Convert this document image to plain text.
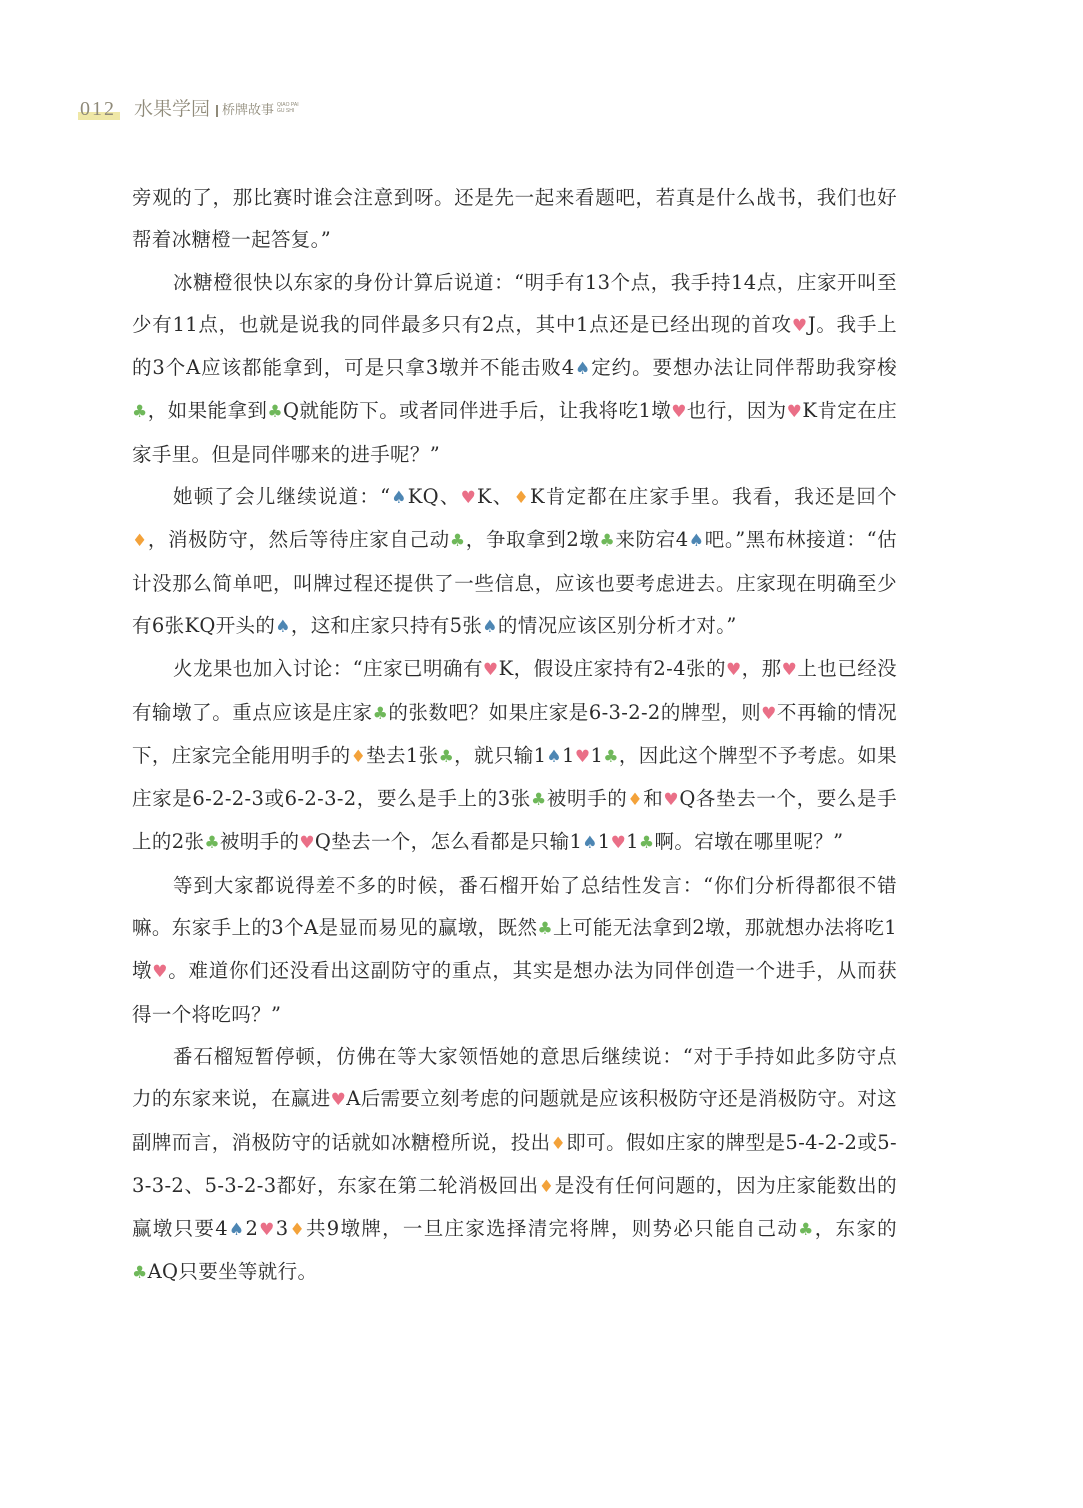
012 水果学园 桥牌故事 QIAO PAI GU SHI

旁观的了，那比赛时谁会注意到呀。还是先一起来看题吧，若真是什么战书，我们也好帮着冰糖橙一起答复。”

冰糖橙很快以东家的身份计算后说道：“明手有13个点，我手持14点，庄家开叫至少有11点，也就是说我的同伴最多只有2点，其中1点还是已经出现的首攻♥J。我手上的3个A应该都能拿到，可是只拿3墩并不能击败4♠定约。要想办法让同伴帮助我穿梭♣，如果能拿到♣Q就能防下。或者同伴进手后，让我将吃1墩♥也行，因为♥K肯定在庄家手里。但是同伴哪来的进手呢？”

她顿了会儿继续说道：“♠KQ、♥K、♦K肯定都在庄家手里。我看，我还是回个♦，消极防守，然后等待庄家自己动♣，争取拿到2墩♣来防宕4♠吧。”黑布林接道：“估计没那么简单吧，叫牌过程还提供了一些信息，应该也要考虑进去。庄家现在明确至少有6张KQ开头的♠，这和庄家只持有5张♠的情况应该区别分析才对。”

火龙果也加入讨论：“庄家已明确有♥K，假设庄家持有2-4张的♥，那♥上也已经没有输墩了。重点应该是庄家♣的张数吧？如果庄家是6-3-2-2的牌型，则♥不再输的情况下，庄家完全能用明手的♦垫去1张♣，就只输1♠1♥1♣，因此这个牌型不予考虑。如果庄家是6-2-2-3或6-2-3-2，要么是手上的3张♣被明手的♦和♥Q各垫去一个，要么是手上的2张♣被明手的♥Q垫去一个，怎么看都是只输1♠1♥1♣啊。宕墩在哪里呢？”

等到大家都说得差不多的时候，番石榴开始了总结性发言：“你们分析得都很不错嘛。东家手上的3个A是显而易见的赢墩，既然♣上可能无法拿到2墩，那就想办法将吃1墩♥。难道你们还没看出这副防守的重点，其实是想办法为同伴创造一个进手，从而获得一个将吃吗？”

番石榴短暂停顿，仿佛在等大家领悟她的意思后继续说：“对于手持如此多防守点力的东家来说，在赢进♥A后需要立刻考虑的问题就是应该积极防守还是消极防守。对这副牌而言，消极防守的话就如冰糖橙所说，投出♦即可。假如庄家的牌型是5-4-2-2或5-3-3-2、5-3-2-3都好，东家在第二轮消极回出♦是没有任何问题的，因为庄家能数出的赢墩只要4♠2♥3♦共9墩牌，一旦庄家选择清完将牌，则势必只能自己动♣，东家的♣AQ只要坐等就行。
